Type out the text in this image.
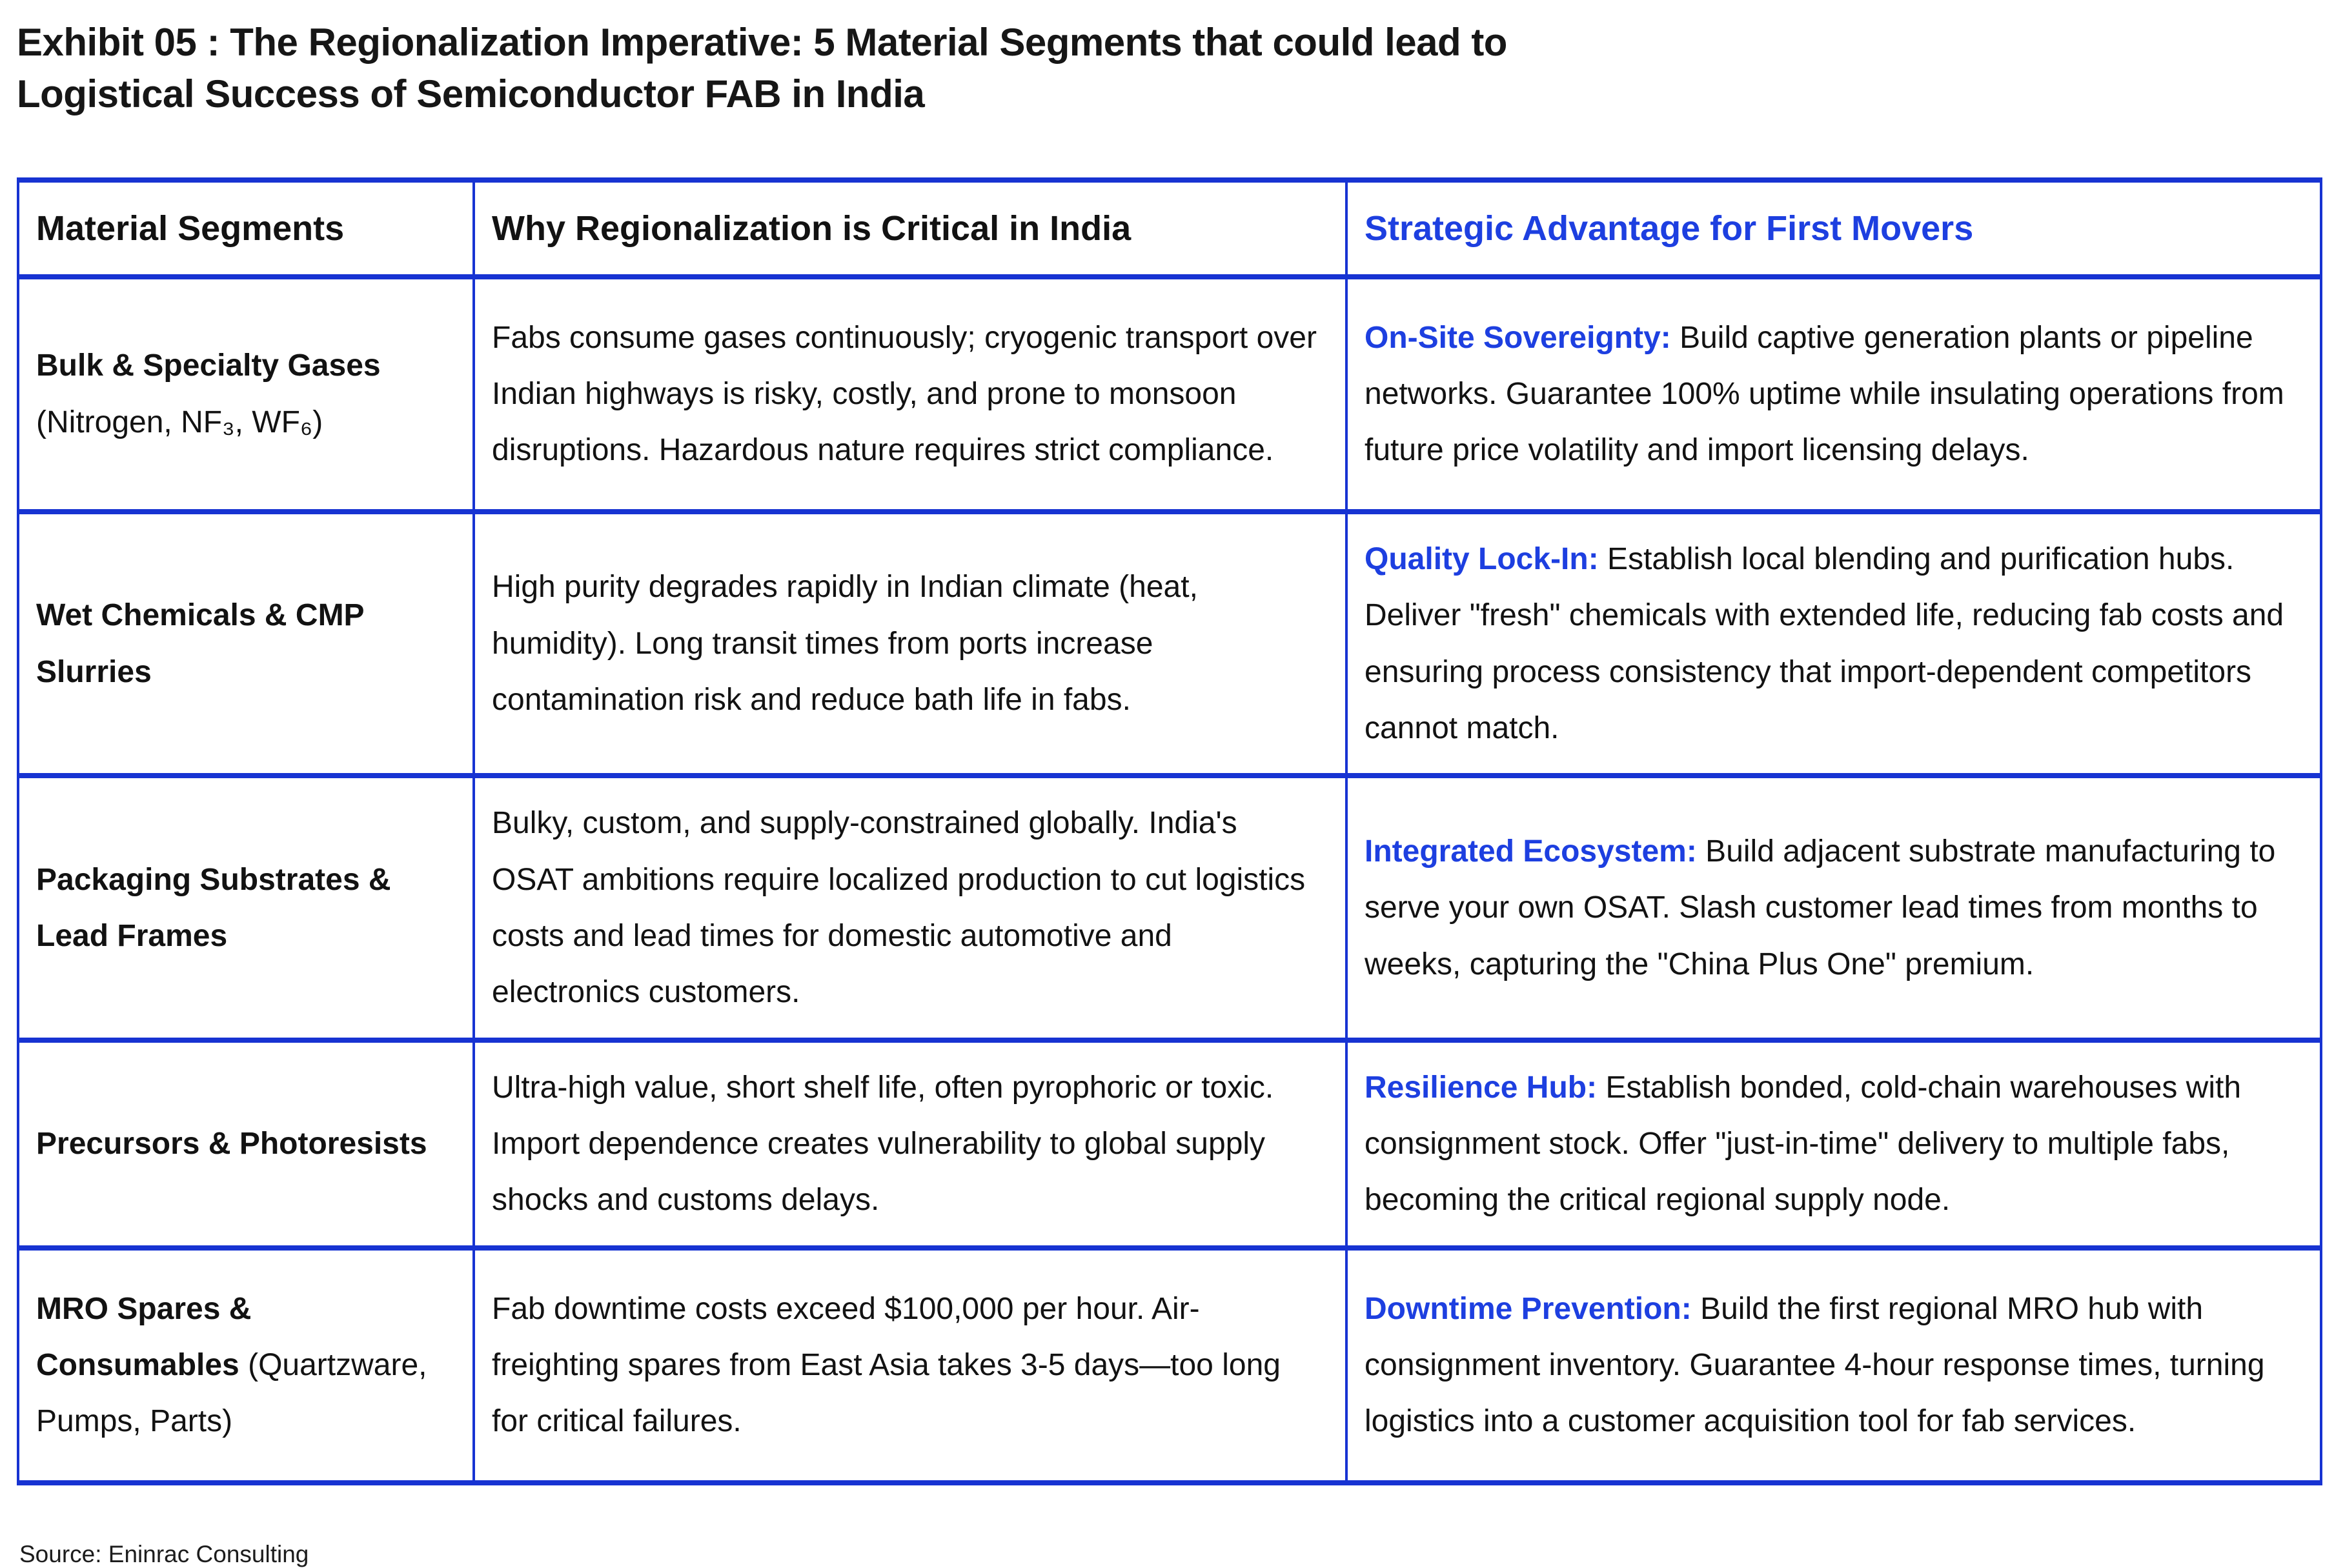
Exhibit 05 : The Regionalization Imperative: 5 Material Segments that could lead to
Logistical Success of Semiconductor FAB in India
Material Segments	Why Regionalization is Critical in India	Strategic Advantage for First Movers
Bulk & Specialty Gases (Nitrogen, NF₃, WF₆)	Fabs consume gases continuously; cryogenic transport over Indian highways is risky, costly, and prone to monsoon disruptions. Hazardous nature requires strict compliance.	On-Site Sovereignty: Build captive generation plants or pipeline networks. Guarantee 100% uptime while insulating operations from future price volatility and import licensing delays.
Wet Chemicals & CMP Slurries	High purity degrades rapidly in Indian climate (heat, humidity). Long transit times from ports increase contamination risk and reduce bath life in fabs.	Quality Lock-In: Establish local blending and purification hubs. Deliver "fresh" chemicals with extended life, reducing fab costs and ensuring process consistency that import-dependent competitors cannot match.
Packaging Substrates & Lead Frames	Bulky, custom, and supply-constrained globally. India's OSAT ambitions require localized production to cut logistics costs and lead times for domestic automotive and electronics customers.	Integrated Ecosystem: Build adjacent substrate manufacturing to serve your own OSAT. Slash customer lead times from months to weeks, capturing the "China Plus One" premium.
Precursors & Photoresists	Ultra-high value, short shelf life, often pyrophoric or toxic. Import dependence creates vulnerability to global supply shocks and customs delays.	Resilience Hub: Establish bonded, cold-chain warehouses with consignment stock. Offer "just-in-time" delivery to multiple fabs, becoming the critical regional supply node.
MRO Spares & Consumables (Quartzware, Pumps, Parts)	Fab downtime costs exceed $100,000 per hour. Air-freighting spares from East Asia takes 3-5 days—too long for critical failures.	Downtime Prevention: Build the first regional MRO hub with consignment inventory. Guarantee 4-hour response times, turning logistics into a customer acquisition tool for fab services.
Source: Eninrac Consulting
